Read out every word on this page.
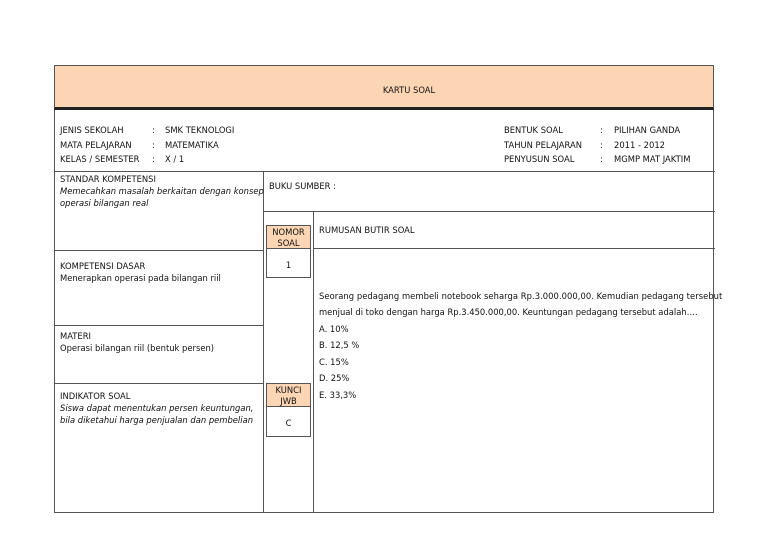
KARTU SOAL
JENIS SEKOLAH	: SMK TEKNOLOGI
MATA PELAJARAN : MATEMATIKA
KELAS / SEMESTER : X / 1
BENTUK SOAL	: PILIHAN GANDA
TAHUN PELAJARAN : 2011 - 2012
PENYUSUN SOAL	: MGMP MAT JAKTIM
STANDAR KOMPETENSI
Memecahkan masalah berkaitan dengan konsep
operasi bilangan real
BUKU SUMBER :
NOMOR
SOAL
1
RUMUSAN BUTIR SOAL
KOMPETENSI DASAR
Menerapkan operasi pada bilangan riil
MATERI
Operasi bilangan riil (bentuk persen)
INDIKATOR SOAL
Siswa dapat menentukan persen keuntungan,
bila diketahui harga penjualan dan pembelian
Seorang pedagang membeli notebook seharga Rp.3.000.000,00. Kemudian pedagang tersebut
menjual di toko dengan harga Rp.3.450.000,00. Keuntungan pedagang tersebut adalah….
A. 10%
B. 12,5 %
C. 15%
D. 25%
E. 33,3%
KUNCI
JWB
C
